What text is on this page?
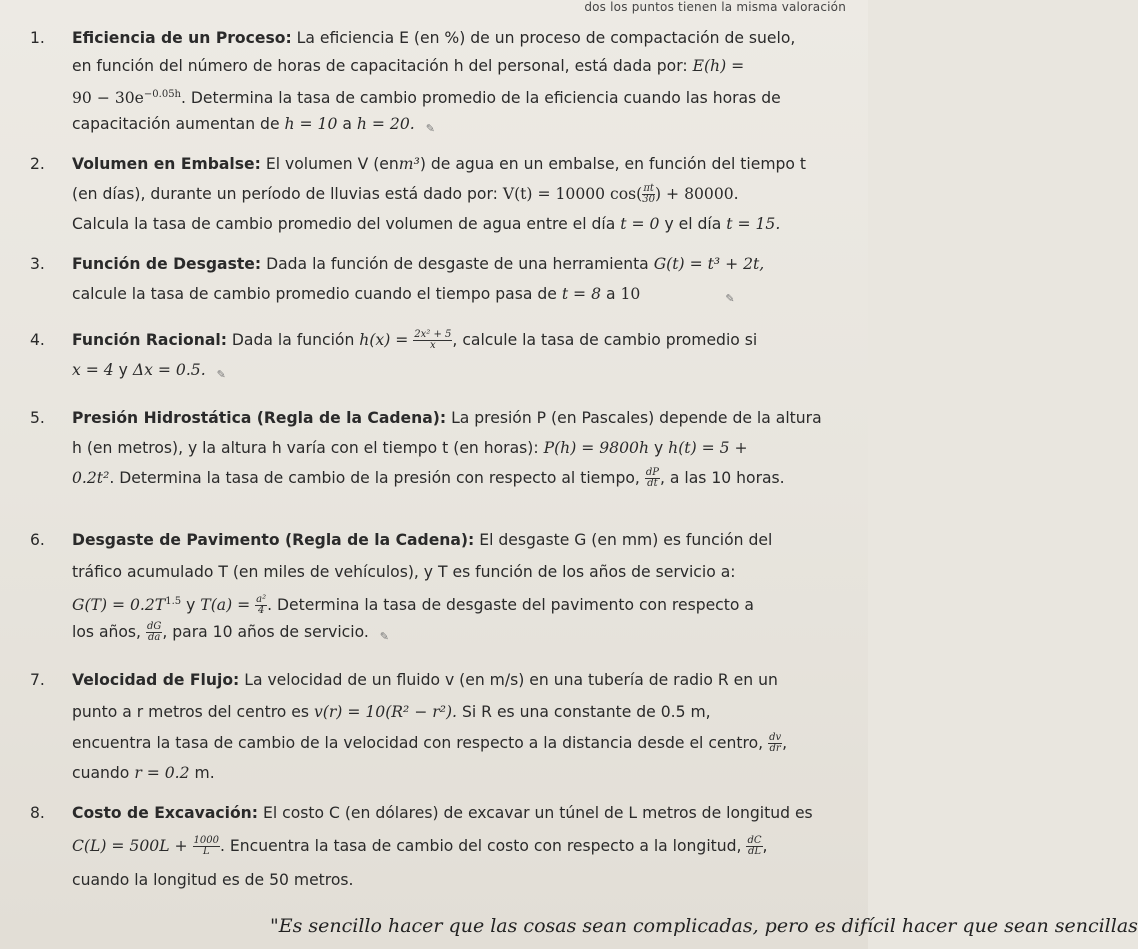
dos los puntos tienen la misma valoración
1. Eficiencia de un Proceso: La eficiencia E (en %) de un proceso de compactación de suelo,
en función del número de horas de capacitación h del personal, está dada por: E(h) =
$90 - 30e^{-0.05h}$. Determina la tasa de cambio promedio de la eficiencia cuando las horas de
capacitación aumentan de h = 10 a h = 20. ✎
2. Volumen en Embalse: El volumen V (enm³) de agua en un embalse, en función del tiempo t
(en días), durante un período de lluvias está dado por: V(t) = 10000 $\cos( \frac{\pi t}{30}$ ) + 80000.
Calcula la tasa de cambio promedio del volumen de agua entre el día t = 0 y el día t = 15.
3. Función de Desgaste: Dada la función de desgaste de una herramienta G(t) = t³ + 2t,
calcule la tasa de cambio promedio cuando el tiempo pasa de t = 8 a 10	✎
4. Función Racional: Dada la función $h(x) = \frac{\text{2x² + 5}}{x}$ , calcule la tasa de cambio promedio si
x = 4 y Δx = 0.5. ✎
5. Presión Hidrostática (Regla de la Cadena): La presión P (en Pascales) depende de la altura
h (en metros), y la altura h varía con el tiempo t (en horas): P(h) = 9800h y h(t) = 5 +
0.2t². Determina la tasa de cambio de la presión con respecto al tiempo, $\frac{dP}{dt}$ , a las 10 horas.
6. Desgaste de Pavimento (Regla de la Cadena): El desgaste G (en mm) es función del
tráfico acumulado T (en miles de vehículos), y T es función de los años de servicio a:
$G(T) = 0.2T^{1.5}$ y $T(a) = \frac{\text{a²}}{4}$ . Determina la tasa de desgaste del pavimento con respecto a
los años, $\frac{dG}{da}$ , para 10 años de servicio. ✎
7. Velocidad de Flujo: La velocidad de un fluido v (en m/s) en una tubería de radio R en un
punto a r metros del centro es v(r) = 10(R² − r²). Si R es una constante de 0.5 m,
encuentra la tasa de cambio de la velocidad con respecto a la distancia desde el centro, $\frac{dv}{dr}$ ,
cuando r = 0.2 m.
8. Costo de Excavación: El costo C (en dólares) de excavar un túnel de L metros de longitud es
$C(L) = 500L + \frac{1000}{L}$ . Encuentra la tasa de cambio del costo con respecto a la longitud, $\frac{dC}{dL}$ ,
cuando la longitud es de 50 metros.
"Es sencillo hacer que las cosas sean complicadas, pero es difícil hacer que sean sencillas
